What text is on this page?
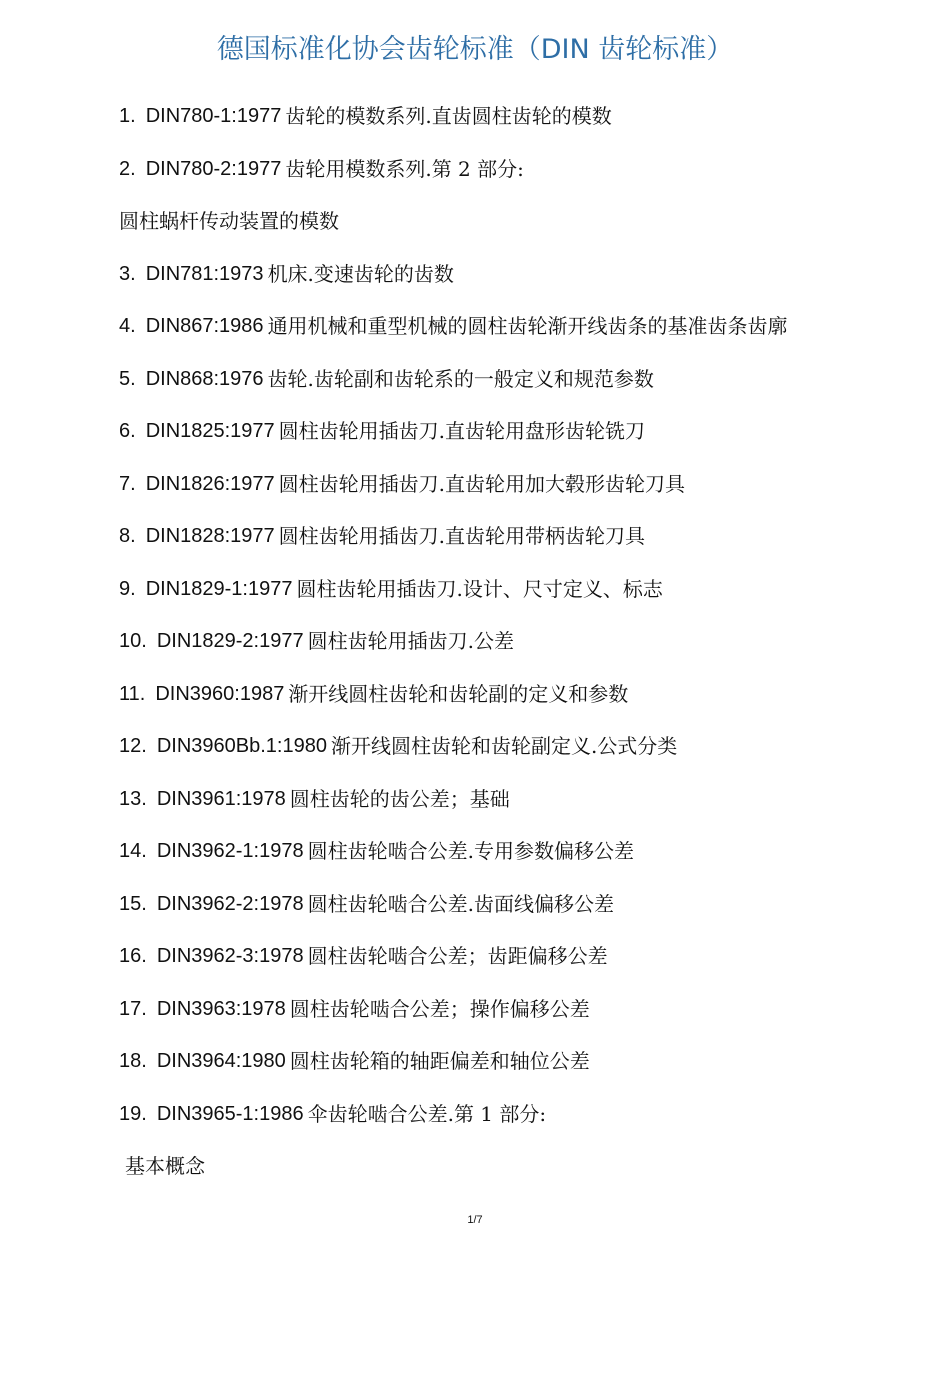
德国标准化协会齿轮标准（DIN 齿轮标准）
1. DIN780-1:1977 齿轮的模数系列.直齿圆柱齿轮的模数
2. DIN780-2:1977 齿轮用模数系列.第 2 部分:
圆柱蜗杆传动装置的模数
3. DIN781:1973 机床.变速齿轮的齿数
4. DIN867:1986 通用机械和重型机械的圆柱齿轮渐开线齿条的基准齿条齿廓
5. DIN868:1976 齿轮.齿轮副和齿轮系的一般定义和规范参数
6. DIN1825:1977 圆柱齿轮用插齿刀.直齿轮用盘形齿轮铣刀
7. DIN1826:1977 圆柱齿轮用插齿刀.直齿轮用加大毂形齿轮刀具
8. DIN1828:1977 圆柱齿轮用插齿刀.直齿轮用带柄齿轮刀具
9. DIN1829-1:1977 圆柱齿轮用插齿刀.设计、尺寸定义、标志
10. DIN1829-2:1977 圆柱齿轮用插齿刀.公差
11. DIN3960:1987 渐开线圆柱齿轮和齿轮副的定义和参数
12. DIN3960Bb.1:1980 渐开线圆柱齿轮和齿轮副定义.公式分类
13. DIN3961:1978 圆柱齿轮的齿公差；基础
14. DIN3962-1:1978 圆柱齿轮啮合公差.专用参数偏移公差
15. DIN3962-2:1978 圆柱齿轮啮合公差.齿面线偏移公差
16. DIN3962-3:1978 圆柱齿轮啮合公差；齿距偏移公差
17. DIN3963:1978 圆柱齿轮啮合公差；操作偏移公差
18. DIN3964:1980 圆柱齿轮箱的轴距偏差和轴位公差
19. DIN3965-1:1986 伞齿轮啮合公差.第 1 部分:
基本概念
1/7
